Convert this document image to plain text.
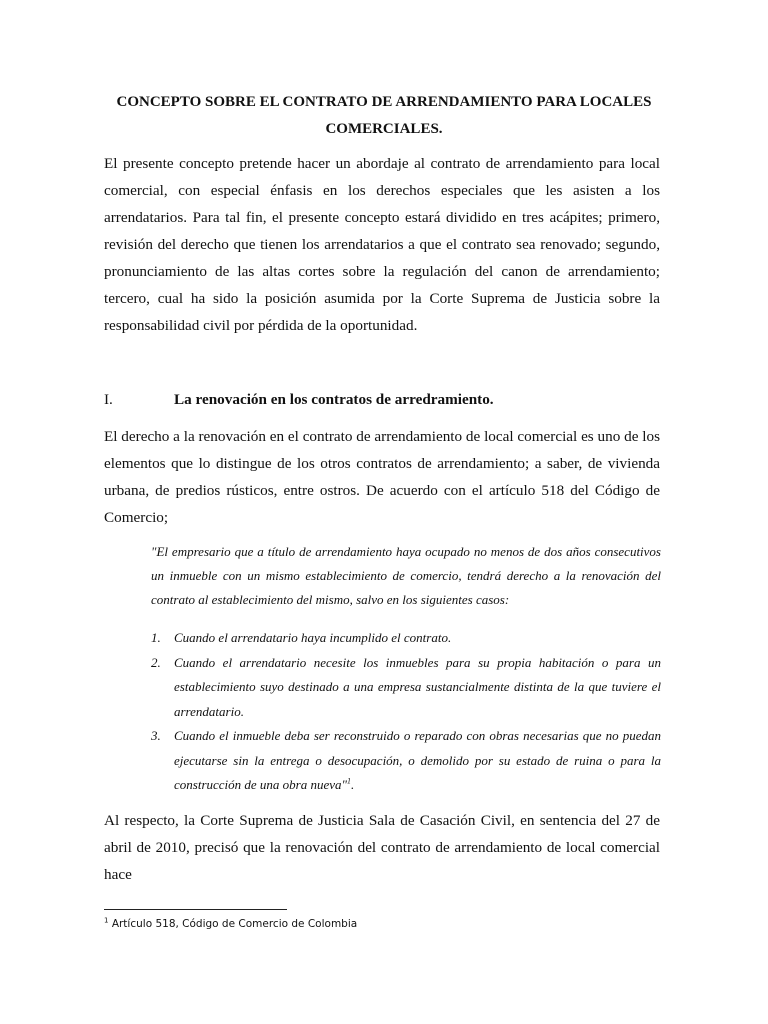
CONCEPTO SOBRE EL CONTRATO DE ARRENDAMIENTO PARA LOCALES COMERCIALES.

El presente concepto pretende hacer un abordaje al contrato de arrendamiento para local comercial, con especial énfasis en los derechos especiales que les asisten a los arrendatarios. Para tal fin, el presente concepto estará dividido en tres acápites; primero, revisión del derecho que tienen los arrendatarios a que el contrato sea renovado; segundo, pronunciamiento de las altas cortes sobre la regulación del canon de arrendamiento; tercero, cual ha sido la posición asumida por la Corte Suprema de Justicia sobre la responsabilidad civil por pérdida de la oportunidad.

I.	La renovación en los contratos de arredramiento.

El derecho a la renovación en el contrato de arrendamiento de local comercial es uno de los elementos que lo distingue de los otros contratos de arrendamiento; a saber, de vivienda urbana, de predios rústicos, entre ostros. De acuerdo con el artículo 518 del Código de Comercio;

"El empresario que a título de arrendamiento haya ocupado no menos de dos años consecutivos un inmueble con un mismo establecimiento de comercio, tendrá derecho a la renovación del contrato al establecimiento del mismo, salvo en los siguientes casos:

1. Cuando el arrendatario haya incumplido el contrato.
2. Cuando el arrendatario necesite los inmuebles para su propia habitación o para un establecimiento suyo destinado a una empresa sustancialmente distinta de la que tuviere el arrendatario.
3. Cuando el inmueble deba ser reconstruido o reparado con obras necesarias que no puedan ejecutarse sin la entrega o desocupación, o demolido por su estado de ruina o para la construcción de una obra nueva"$^1$.

Al respecto, la Corte Suprema de Justicia Sala de Casación Civil, en sentencia del 27 de abril de 2010, precisó que la renovación del contrato de arrendamiento de local comercial hace

$^1$ Artículo 518, Código de Comercio de Colombia
